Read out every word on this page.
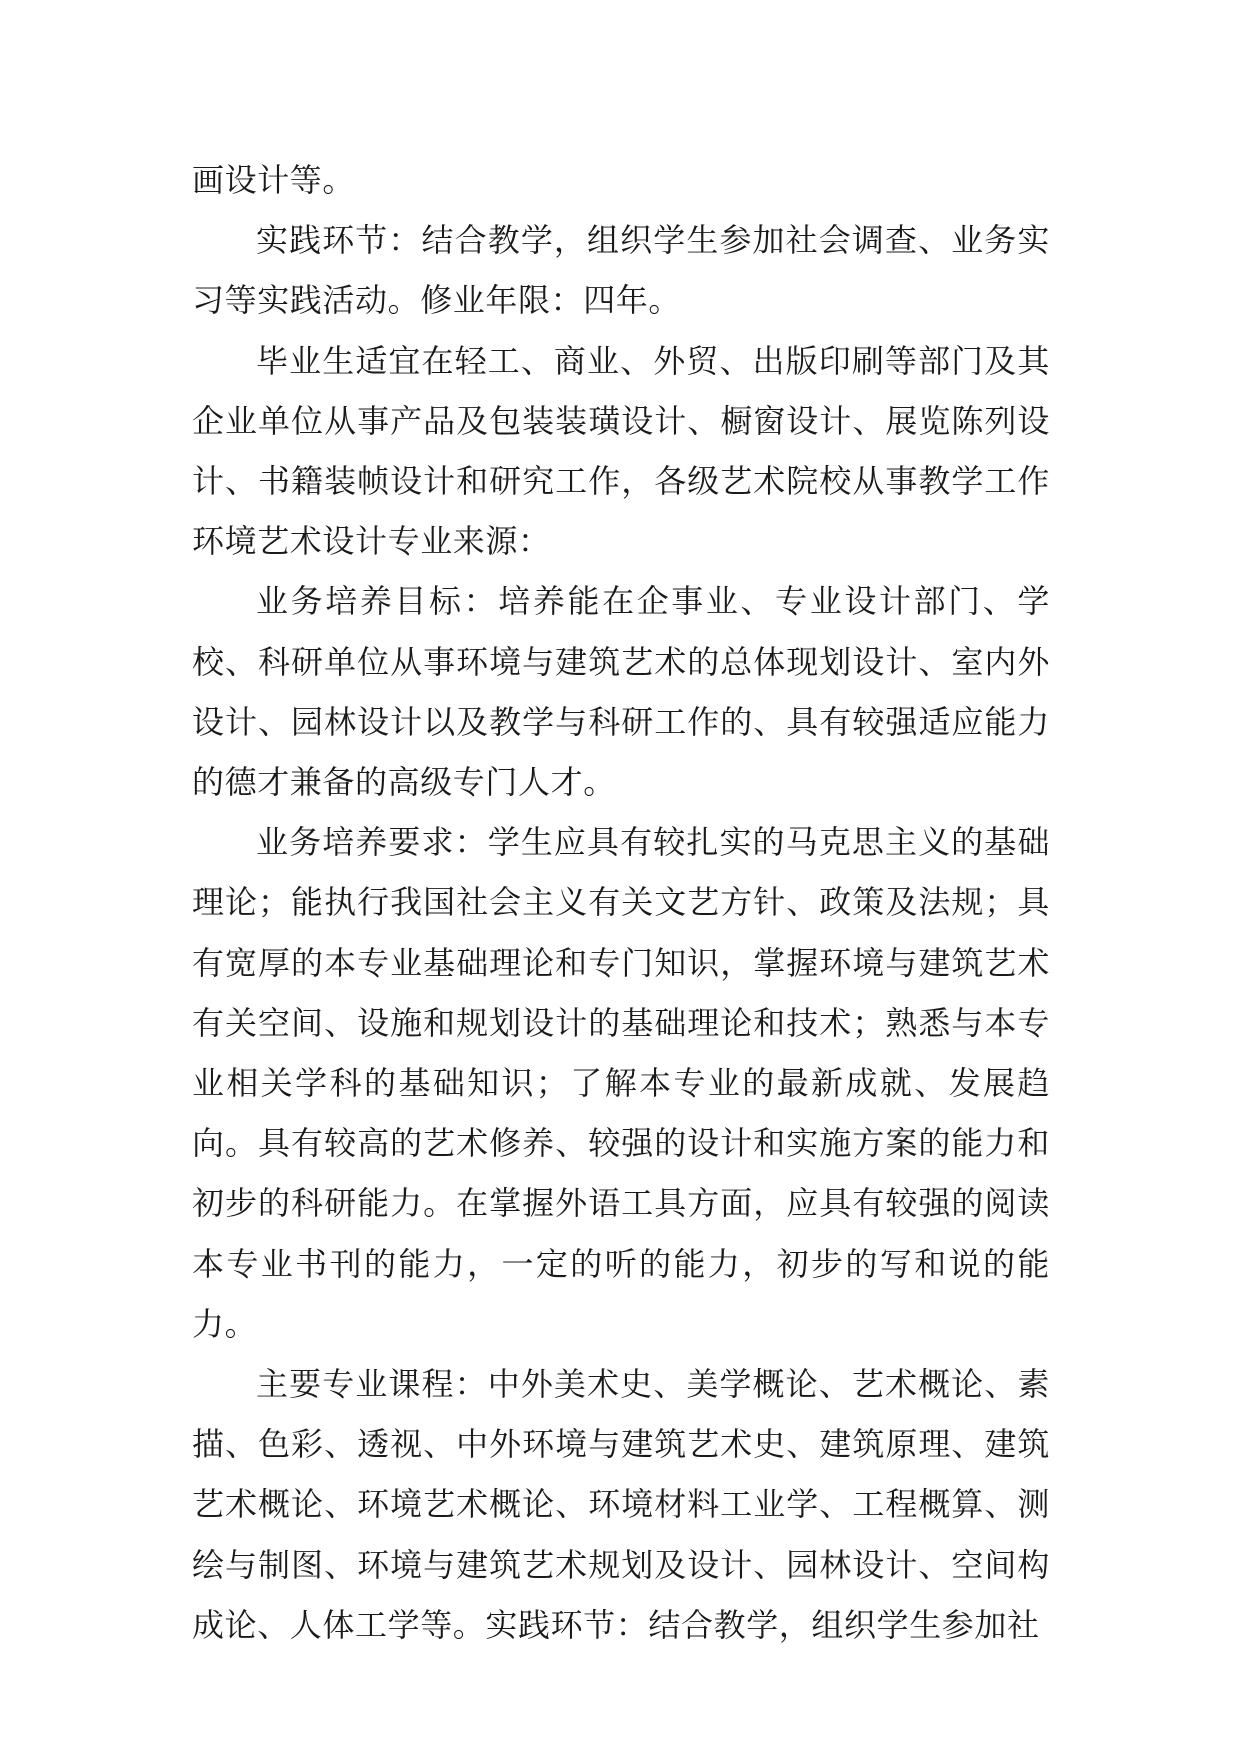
画设计等。

实践环节：结合教学，组织学生参加社会调查、业务实习等实践活动。修业年限：四年。

毕业生适宜在轻工、商业、外贸、出版印刷等部门及其企业单位从事产品及包装装璜设计、橱窗设计、展览陈列设计、书籍装帧设计和研究工作，各级艺术院校从事教学工作环境艺术设计专业来源：

业务培养目标：培养能在企事业、专业设计部门、学校、科研单位从事环境与建筑艺术的总体现划设计、室内外设计、园林设计以及教学与科研工作的、具有较强适应能力的德才兼备的高级专门人才。

业务培养要求：学生应具有较扎实的马克思主义的基础理论；能执行我国社会主义有关文艺方针、政策及法规；具有宽厚的本专业基础理论和专门知识，掌握环境与建筑艺术有关空间、设施和规划设计的基础理论和技术；熟悉与本专业相关学科的基础知识；了解本专业的最新成就、发展趋向。具有较高的艺术修养、较强的设计和实施方案的能力和初步的科研能力。在掌握外语工具方面，应具有较强的阅读本专业书刊的能力，一定的听的能力，初步的写和说的能力。

主要专业课程：中外美术史、美学概论、艺术概论、素描、色彩、透视、中外环境与建筑艺术史、建筑原理、建筑艺术概论、环境艺术概论、环境材料工业学、工程概算、测绘与制图、环境与建筑艺术规划及设计、园林设计、空间构成论、人体工学等。实践环节：结合教学，组织学生参加社
